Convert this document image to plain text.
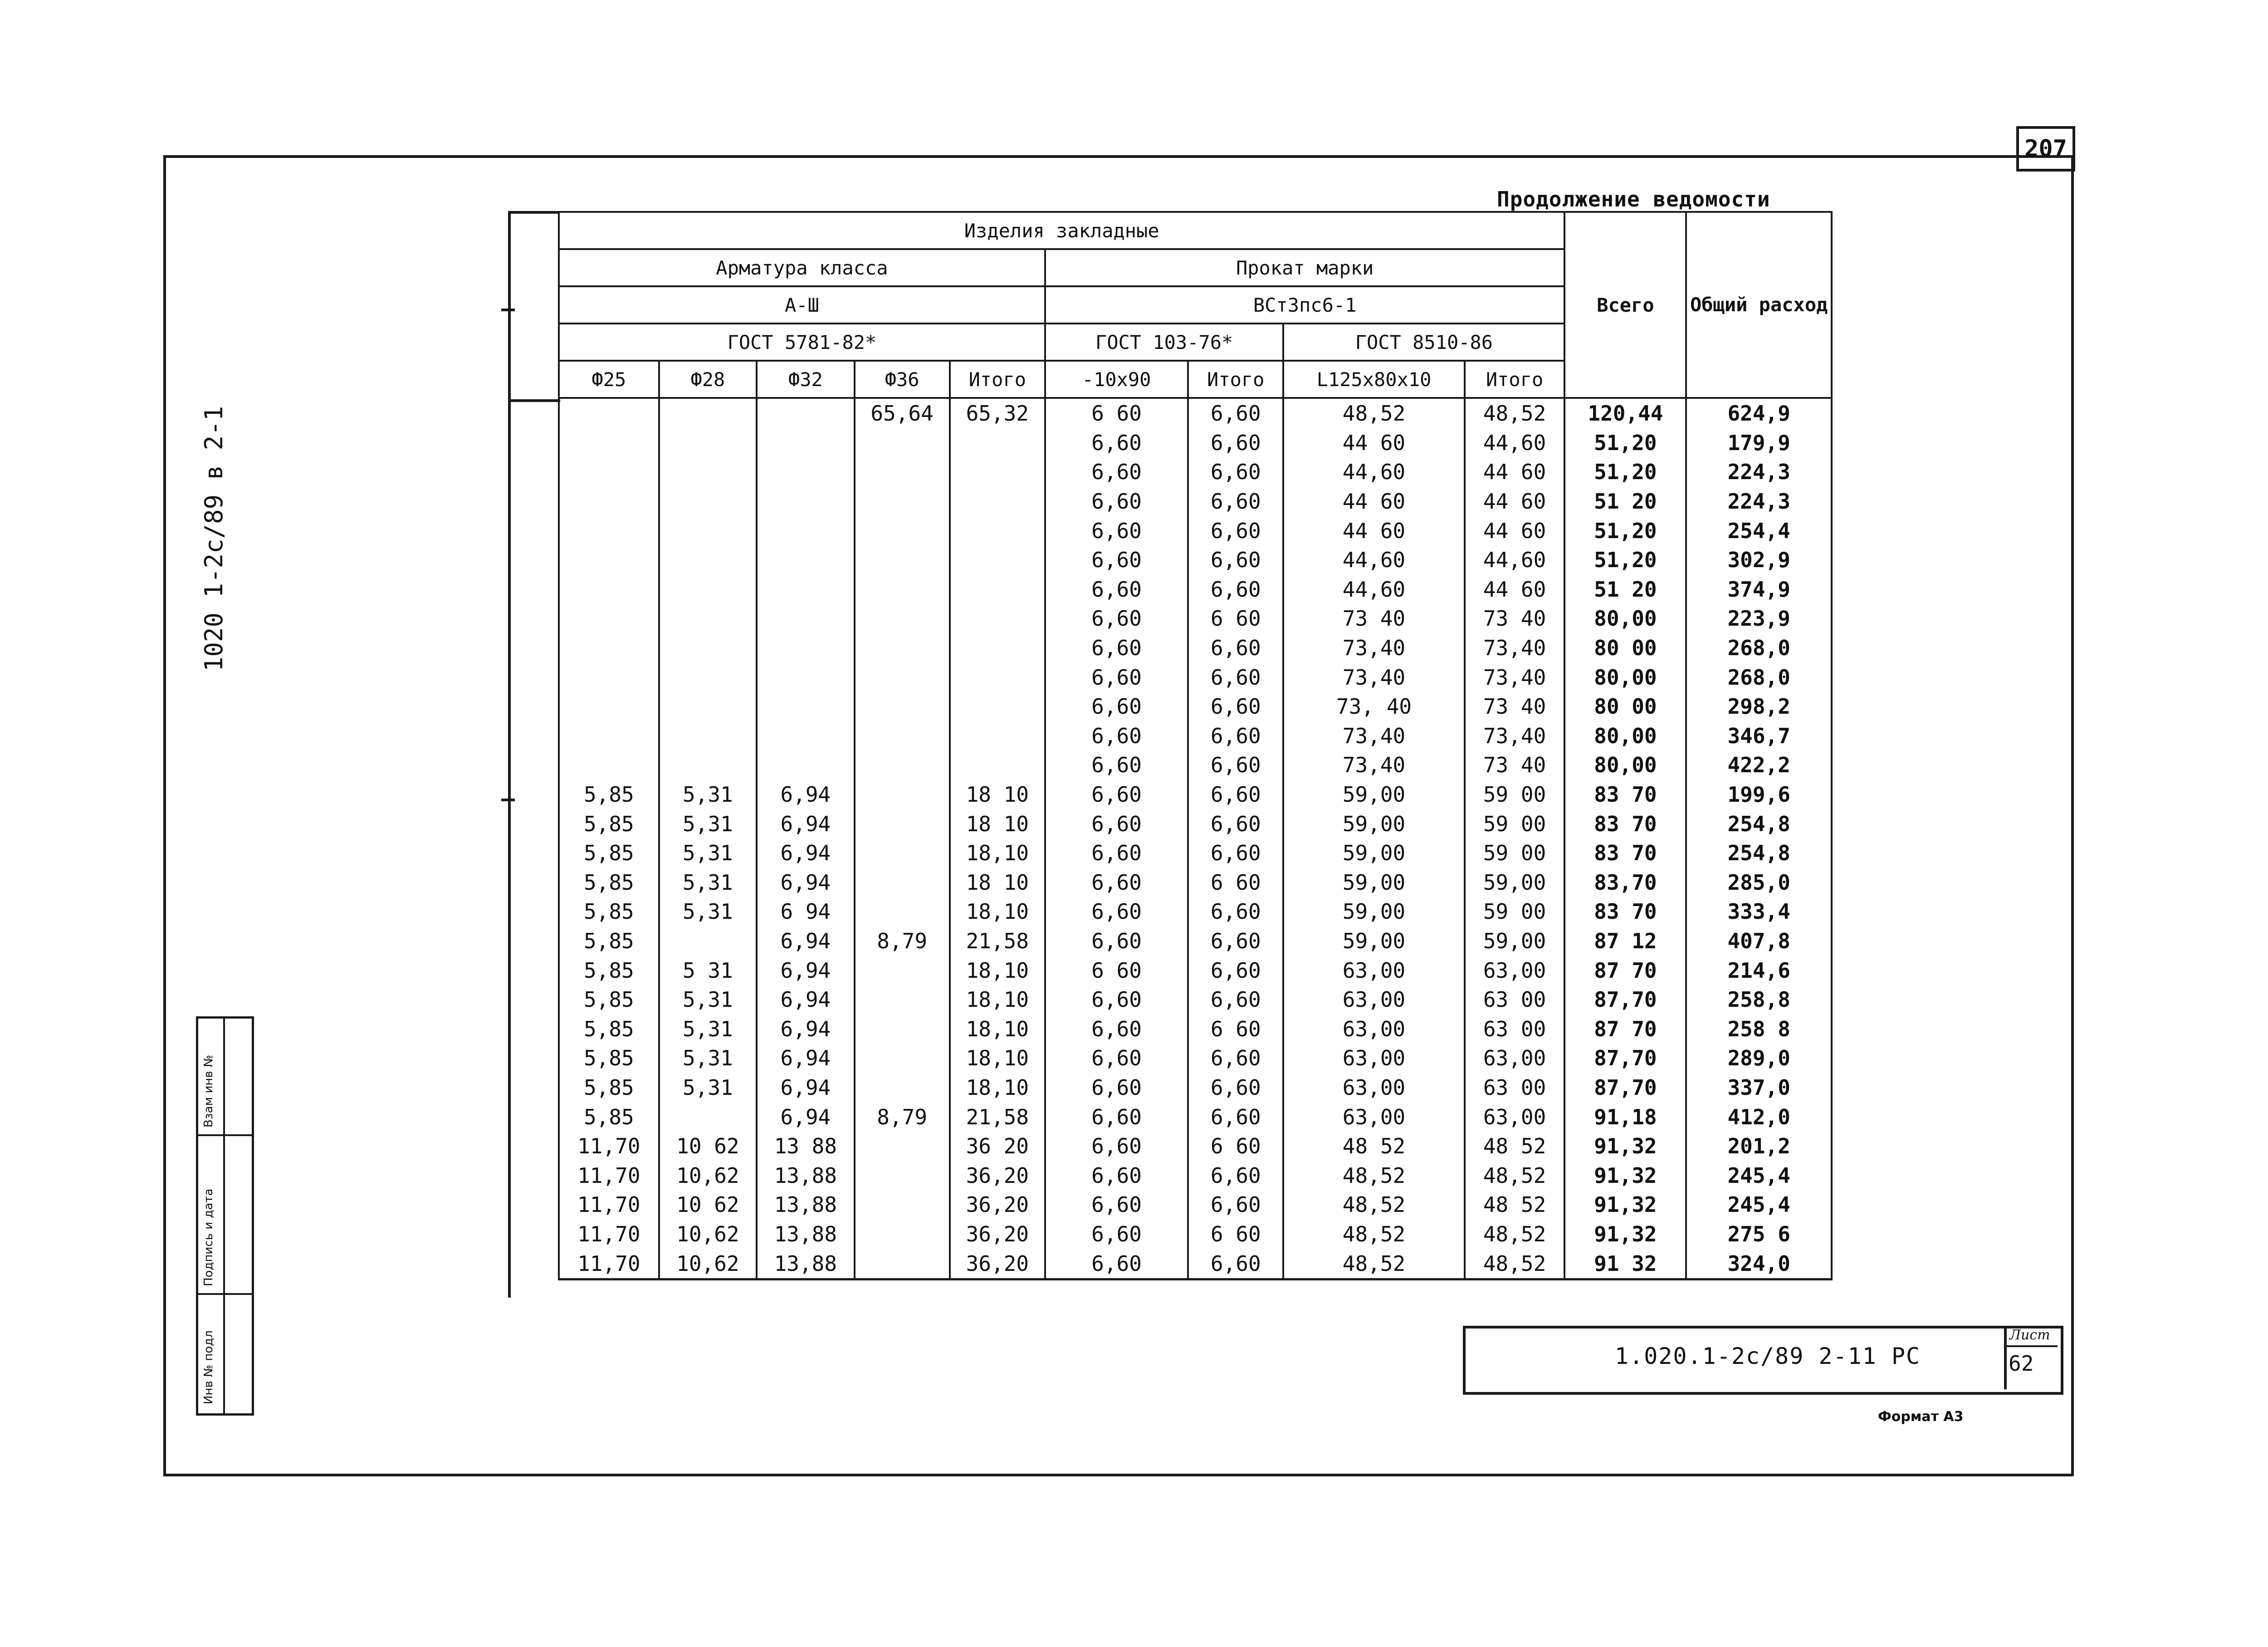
207
Продолжение ведомости
1020 1-2с/89 в 2-1
Взам инв №
Подпись и дата
Инв № подл
Изделия закладные									Всего	Общий расход
Арматура класса					Прокат марки					
А-Ш					ВСт3пс6-1					
ГОСТ 5781-82*					ГОСТ 103-76*		ГОСТ 8510-86			
Ф25	Ф28	Ф32	Ф36	Итого	-10x90	Итого	L125x80x10	Итого		
			65,64	65,32	6 60	6,60	48,52	48,52	120,44	624,9
					6,60	6,60	44 60	44,60	51,20	179,9
					6,60	6,60	44,60	44 60	51,20	224,3
					6,60	6,60	44 60	44 60	51 20	224,3
					6,60	6,60	44 60	44 60	51,20	254,4
					6,60	6,60	44,60	44,60	51,20	302,9
					6,60	6,60	44,60	44 60	51 20	374,9
					6,60	6 60	73 40	73 40	80,00	223,9
					6,60	6,60	73,40	73,40	80 00	268,0
					6,60	6,60	73,40	73,40	80,00	268,0
					6,60	6,60	73, 40	73 40	80 00	298,2
					6,60	6,60	73,40	73,40	80,00	346,7
					6,60	6,60	73,40	73 40	80,00	422,2
5,85	5,31	6,94		18 10	6,60	6,60	59,00	59 00	83 70	199,6
5,85	5,31	6,94		18 10	6,60	6,60	59,00	59 00	83 70	254,8
5,85	5,31	6,94		18,10	6,60	6,60	59,00	59 00	83 70	254,8
5,85	5,31	6,94		18 10	6,60	6 60	59,00	59,00	83,70	285,0
5,85	5,31	6 94		18,10	6,60	6,60	59,00	59 00	83 70	333,4
5,85		6,94	8,79	21,58	6,60	6,60	59,00	59,00	87 12	407,8
5,85	5 31	6,94		18,10	6 60	6,60	63,00	63,00	87 70	214,6
5,85	5,31	6,94		18,10	6,60	6,60	63,00	63 00	87,70	258,8
5,85	5,31	6,94		18,10	6,60	6 60	63,00	63 00	87 70	258 8
5,85	5,31	6,94		18,10	6,60	6,60	63,00	63,00	87,70	289,0
5,85	5,31	6,94		18,10	6,60	6,60	63,00	63 00	87,70	337,0
5,85		6,94	8,79	21,58	6,60	6,60	63,00	63,00	91,18	412,0
11,70	10 62	13 88		36 20	6,60	6 60	48 52	48 52	91,32	201,2
11,70	10,62	13,88		36,20	6,60	6,60	48,52	48,52	91,32	245,4
11,70	10 62	13,88		36,20	6,60	6,60	48,52	48 52	91,32	245,4
11,70	10,62	13,88		36,20	6,60	6 60	48,52	48,52	91,32	275 6
11,70	10,62	13,88		36,20	6,60	6,60	48,52	48,52	91 32	324,0
1.020.1-2с/89 2-11 РС
Лист
62
Формат А3
